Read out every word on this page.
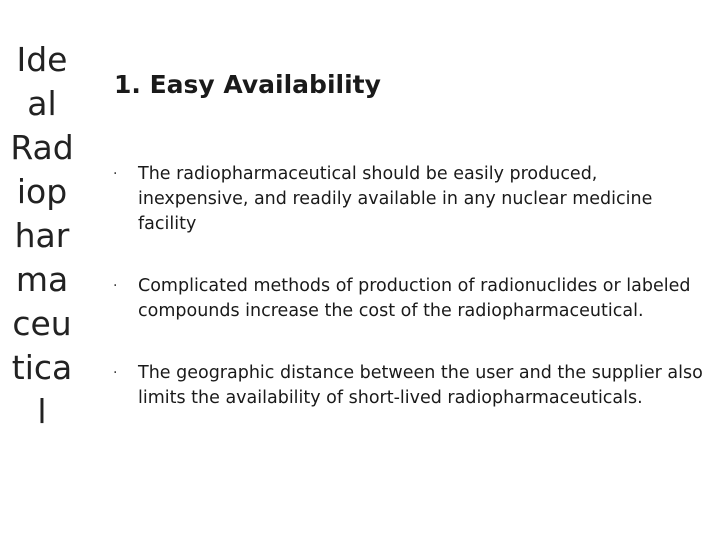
Ide
al
Rad
iop
har
ma
ceu
tica
l
1. Easy Availability
· The radiopharmaceutical should be easily produced, inexpensive, and readily available in any nuclear medicine facility
· Complicated methods of production of radionuclides or labeled compounds increase the cost of the radiopharmaceutical.
· The geographic distance between the user and the supplier also limits the availability of short-lived radiopharmaceuticals.
